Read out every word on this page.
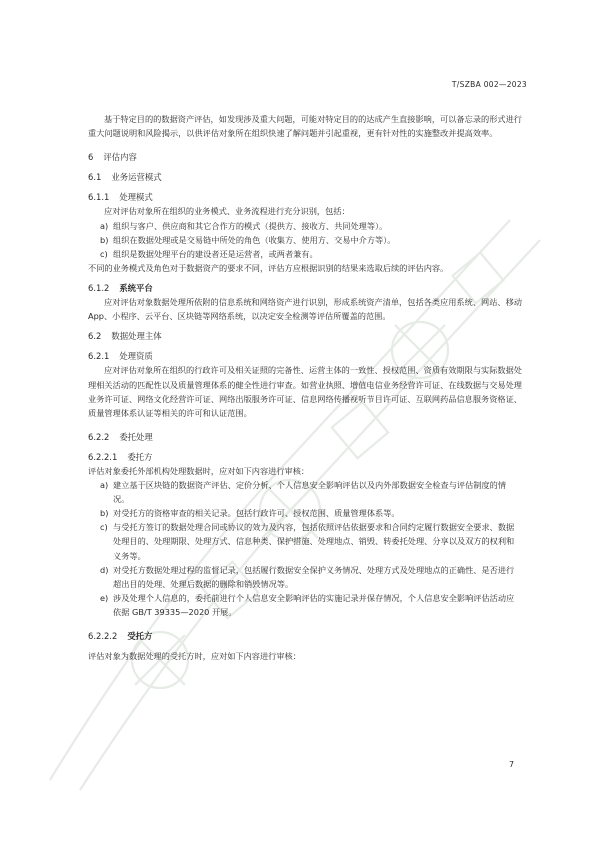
T/SZBA 002—2023

基于特定目的的数据资产评估，如发现涉及重大问题，可能对特定目的的达成产生直接影响，可以备忘录的形式进行重大问题说明和风险揭示，以供评估对象所在组织快速了解问题并引起重视，更有针对性的实施整改并提高效率。

6 评估内容

6.1 业务运营模式

6.1.1 处理模式

应对评估对象所在组织的业务模式、业务流程进行充分识别，包括：

a) 组织与客户、供应商和其它合作方的模式（提供方、接收方、共同处理等）。

b) 组织在数据处理或是交易链中所处的角色（收集方、使用方、交易中介方等）。

c) 组织是数据处理平台的建设者还是运营者，或两者兼有。

不同的业务模式及角色对于数据资产的要求不同，评估方应根据识别的结果来选取后续的评估内容。

6.1.2 系统平台

应对评估对象数据处理所依附的信息系统和网络资产进行识别，形成系统资产清单，包括各类应用系统、网站、移动App、小程序、云平台、区块链等网络系统，以决定安全检测等评估所覆盖的范围。

6.2 数据处理主体

6.2.1 处理资质

应对评估对象所在组织的行政许可及相关证照的完备性、运营主体的一致性、授权范围、资质有效期限与实际数据处理相关活动的匹配性以及质量管理体系的健全性进行审查。如营业执照、增值电信业务经营许可证、在线数据与交易处理业务许可证、网络文化经营许可证、网络出版服务许可证、信息网络传播视听节目许可证、互联网药品信息服务资格证、质量管理体系认证等相关的许可和认证范围。

6.2.2 委托处理

6.2.2.1 委托方

评估对象委托外部机构处理数据时，应对如下内容进行审核：

a) 建立基于区块链的数据资产评估、定价分析、个人信息安全影响评估以及内外部数据安全检查与评估制度的情况。

b) 对受托方的资格审查的相关记录。包括行政许可、授权范围、质量管理体系等。

c) 与受托方签订的数据处理合同或协议的效力及内容，包括依照评估依据要求和合同约定履行数据安全要求、数据处理目的、处理期限、处理方式、信息种类、保护措施、处理地点、销毁、转委托处理、分享以及双方的权利和义务等。

d) 对受托方数据处理过程的监督记录，包括履行数据安全保护义务情况、处理方式及处理地点的正确性、是否进行超出目的处理、处理后数据的删除和销毁情况等。

e) 涉及处理个人信息的，委托前进行个人信息安全影响评估的实施记录并保存情况，个人信息安全影响评估活动应依据 GB/T 39335—2020 开展。

6.2.2.2 受托方

评估对象为数据处理的受托方时，应对如下内容进行审核：

7
